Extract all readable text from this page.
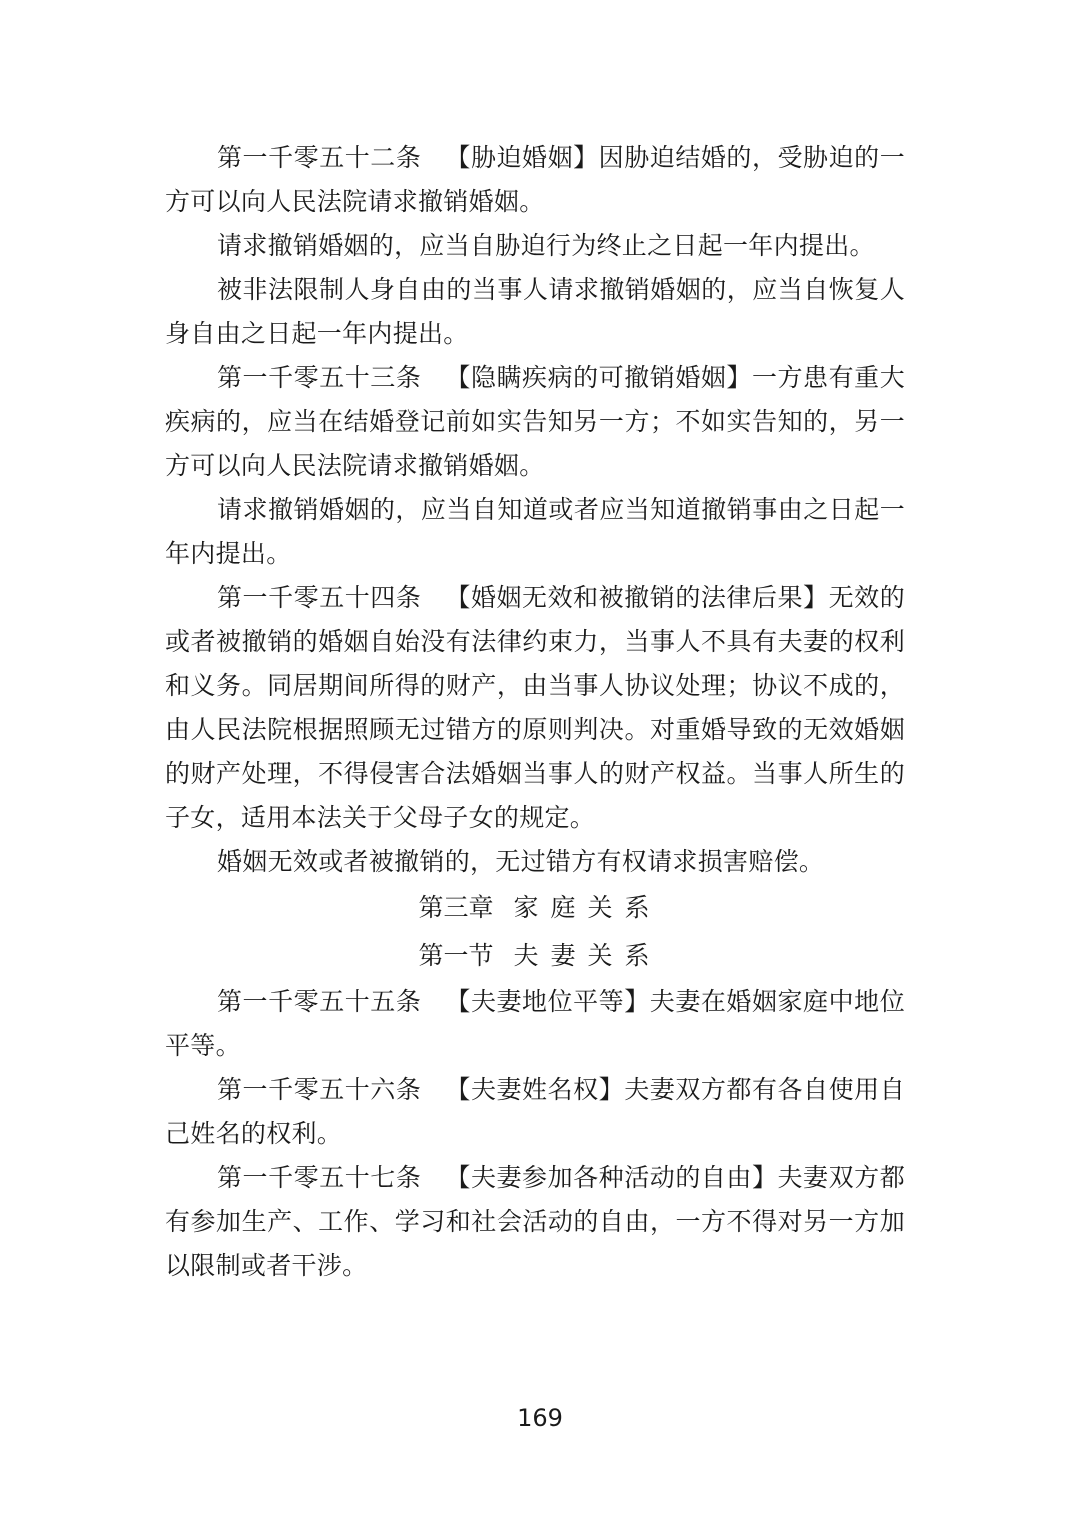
第一千零五十二条 【胁迫婚姻】因胁迫结婚的，受胁迫的一方可以向人民法院请求撤销婚姻。

请求撤销婚姻的，应当自胁迫行为终止之日起一年内提出。

被非法限制人身自由的当事人请求撤销婚姻的，应当自恢复人身自由之日起一年内提出。

第一千零五十三条 【隐瞒疾病的可撤销婚姻】一方患有重大疾病的，应当在结婚登记前如实告知另一方；不如实告知的，另一方可以向人民法院请求撤销婚姻。

请求撤销婚姻的，应当自知道或者应当知道撤销事由之日起一年内提出。

第一千零五十四条 【婚姻无效和被撤销的法律后果】无效的或者被撤销的婚姻自始没有法律约束力，当事人不具有夫妻的权利和义务。同居期间所得的财产，由当事人协议处理；协议不成的，由人民法院根据照顾无过错方的原则判决。对重婚导致的无效婚姻的财产处理，不得侵害合法婚姻当事人的财产权益。当事人所生的子女，适用本法关于父母子女的规定。

婚姻无效或者被撤销的，无过错方有权请求损害赔偿。

第三章 家庭关系

第一节 夫妻关系

第一千零五十五条 【夫妻地位平等】夫妻在婚姻家庭中地位平等。

第一千零五十六条 【夫妻姓名权】夫妻双方都有各自使用自己姓名的权利。

第一千零五十七条 【夫妻参加各种活动的自由】夫妻双方都有参加生产、工作、学习和社会活动的自由，一方不得对另一方加以限制或者干涉。

169
